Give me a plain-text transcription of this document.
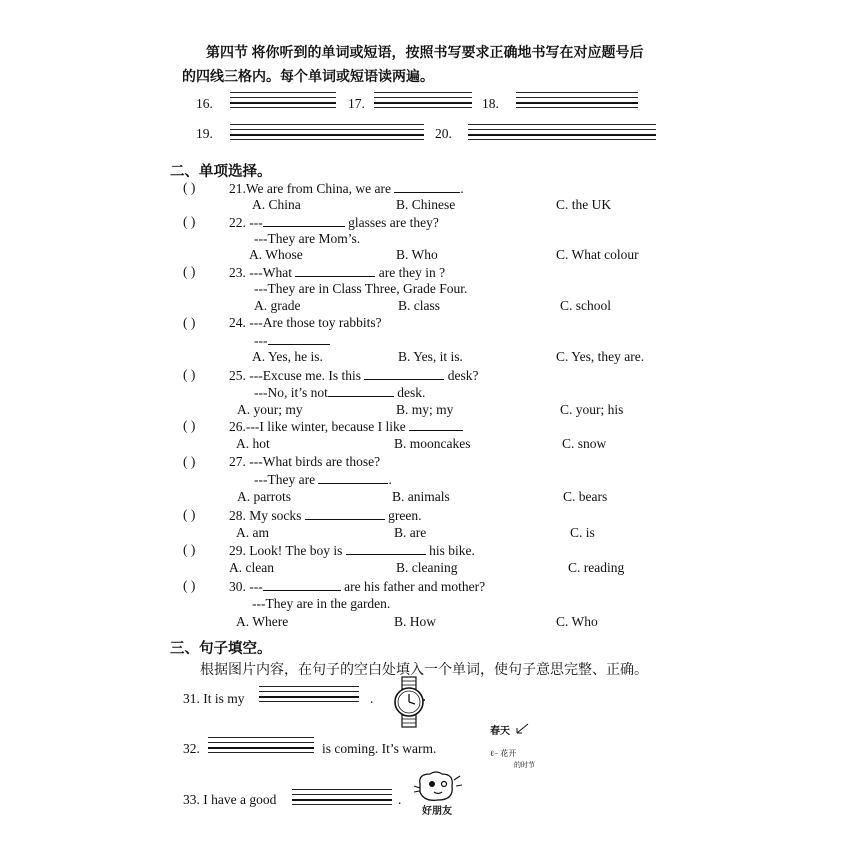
第四节 将你听到的单词或短语，按照书写要求正确地书写在对应题号后
的四线三格内。每个单词或短语读两遍。
16.	17.	18.
19.	20.
二、单项选择。
( ) 21.We are from China, we are	.
A. China	B. Chinese	C. the UK
( ) 22. ---	glasses are they?
---They are Mom’s.
A. Whose	B. Who	C. What colour
( ) 23. ---What	are they in ?
---They are in Class Three, Grade Four.
A. grade	B. class	C. school
( ) 24. ---Are those toy rabbits?
---
A. Yes, he is.	B. Yes, it is.	C. Yes, they are.
( ) 25. ---Excuse me. Is this	desk?
---No, it’s not	desk.
A. your; my	B. my; my	C. your; his
( ) 26.---I like winter, because I like
A. hot	B. mooncakes	C. snow
( ) 27. ---What birds are those?
---They are	.
A. parrots	B. animals	C. bears
( ) 28. My socks	green.
A. am	B. are	C. is
( ) 29. Look! The boy is	his bike.
A. clean	B. cleaning	C. reading
( ) 30. ---	are his father and mother?
---They are in the garden.
A. Where	B. How	C. Who
三、句子填空。
根据图片内容，在句子的空白处填入一个单词，使句子意思完整、正确。
31. It is my	.
32.	is coming. It’s warm.
春天
ℓ− 花开
的时节
33. I have a good	.
好朋友
